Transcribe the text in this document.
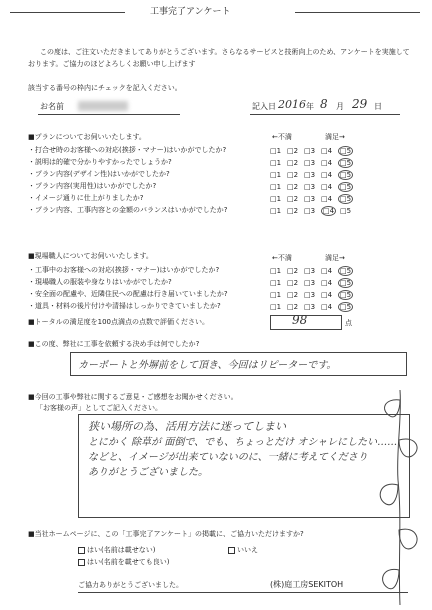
工事完了アンケート
この度は、ご注文いただきましてありがとうございます。さらなるサービスと技術向上のため、アンケートを実施して
おります。ご協力のほどよろしくお願い申し上げます
該当する番号の枠内にチェックを記入ください。
お名前	記入日 2016 年 8 月 29 日
■プランについてお伺いいたします。	←不満	満足→
・打合せ時のお客様への対応(挨拶・マナー)はいかがでしたか?	□1 □2 □3 □4 □5
・説明は的確で分かりやすかったでしょうか?	□1 □2 □3 □4 □5
・プラン内容(デザイン性)はいかがでしたか?	□1 □2 □3 □4 □5
・プラン内容(実用性)はいかがでしたか?	□1 □2 □3 □4 □5
・イメージ通りに仕上がりましたか?	□1 □2 □3 □4 □5
・プラン内容、工事内容との金額のバランスはいかがでしたか?	□1 □2 □3 □4 □5
■現場職人についてお伺いいたします。	←不満	満足→
・工事中のお客様への対応(挨拶・マナー)はいかがでしたか?	□1 □2 □3 □4 □5
・現場職人の服装や身なりはいかがでしたか?	□1 □2 □3 □4 □5
・安全面の配慮や、近隣住民への配慮は行き届いていましたか?	□1 □2 □3 □4 □5
・道具・材料の後片付けや清掃はしっかりできていましたか?	□1 □2 □3 □4 □5
■トータルの満足度を100点満点の点数で評価ください。	98	点
■この度、弊社に工事を依頼する決め手は何でしたか?
カーポートと外塀前をして頂き、今回はリピーターです。
■今回の工事や弊社に関するご意見・ご感想をお聞かせください。
「お客様の声」としてご記入ください。
狭い場所の為、活用方法に迷ってしまい
とにかく 除草が 面倒で、でも、ちょっとだけ オシャレにしたい……
などと、イメージが出来ていないのに、一緒に考えてくださり
ありがとうございました。
■当社ホームページに、この「工事完了アンケート」の掲載に、ご協力いただけますか?
はい(名前は載せない)
はい(名前を載せても良い)
いいえ
ご協力ありがとうございました。	(株)庭工房SEKITOH
